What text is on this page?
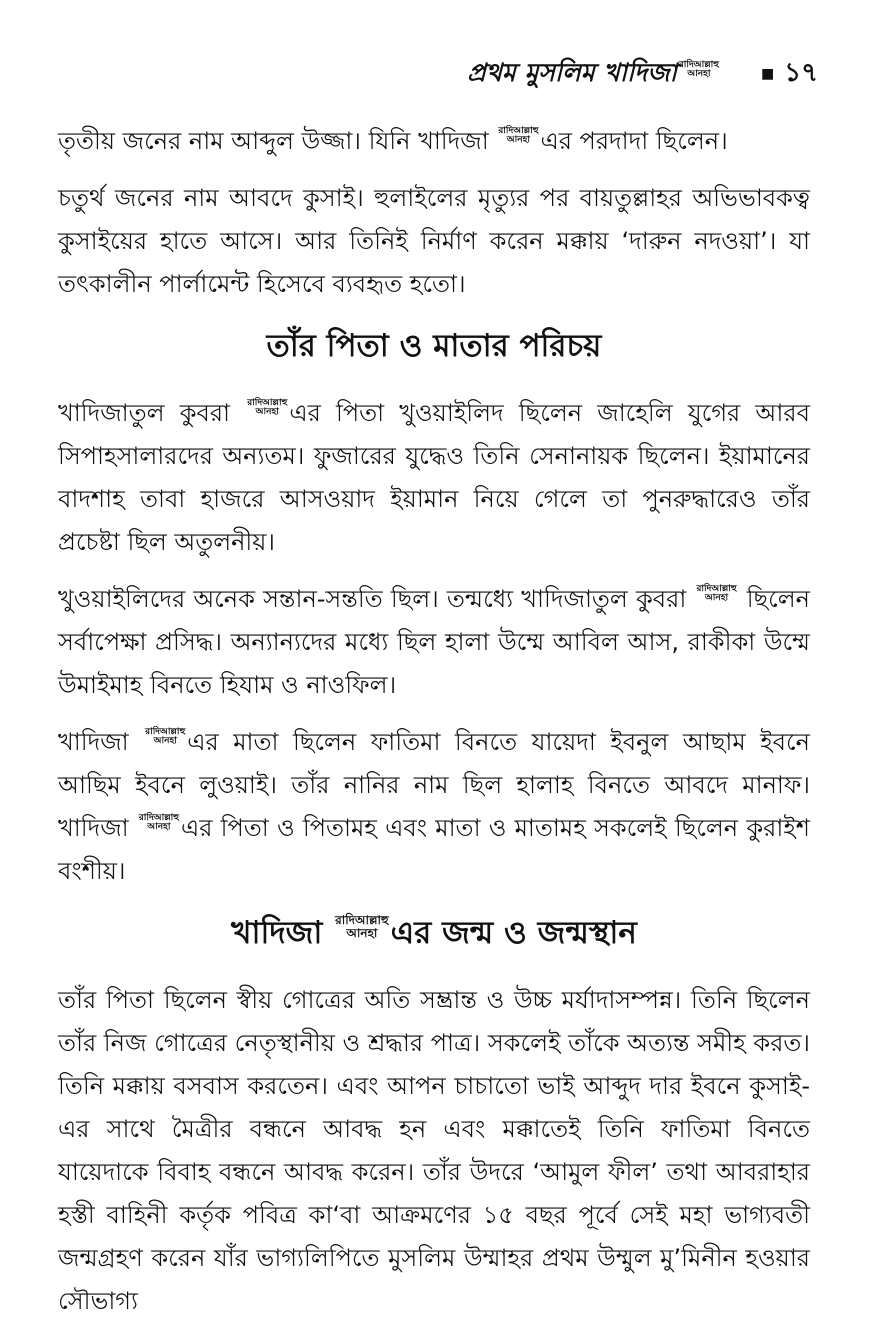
প্রথম মুসলিম খাদিজা রাদিআল্লাহু
আনহা	■ ১৭

তৃতীয় জনের নাম আব্দুল উজ্জা। যিনি খাদিজা রাদিআল্লাহু
আনহা এর পরদাদা ছিলেন।

চতুর্থ জনের নাম আবদে কুসাই। হুলাইলের মৃত্যুর পর বায়তুল্লাহর অভিভাবকত্ব কুসাইয়ের হাতে আসে। আর তিনিই নির্মাণ করেন মক্কায় ‘দারুন নদওয়া’। যা তৎকালীন পার্লামেন্ট হিসেবে ব্যবহৃত হতো।

তাঁর পিতা ও মাতার পরিচয়

খাদিজাতুল কুবরা রাদিআল্লাহু
আনহা এর পিতা খুওয়াইলিদ ছিলেন জাহেলি যুগের আরব সিপাহসালারদের অন্যতম। ফুজারের যুদ্ধেও তিনি সেনানায়ক ছিলেন। ইয়ামানের বাদশাহ তাবা হাজরে আসওয়াদ ইয়ামান নিয়ে গেলে তা পুনরুদ্ধারেও তাঁর প্রচেষ্টা ছিল অতুলনীয়।

খুওয়াইলিদের অনেক সন্তান-সন্ততি ছিল। তন্মধ্যে খাদিজাতুল কুবরা রাদিআল্লাহু
আনহা ছিলেন সর্বাপেক্ষা প্রসিদ্ধ। অন্যান্যদের মধ্যে ছিল হালা উম্মে আবিল আস, রাকীকা উম্মে উমাইমাহ বিনতে হিযাম ও নাওফিল।

খাদিজা রাদিআল্লাহু
আনহা এর মাতা ছিলেন ফাতিমা বিনতে যায়েদা ইবনুল আছাম ইবনে আছিম ইবনে লুওয়াই। তাঁর নানির নাম ছিল হালাহ বিনতে আবদে মানাফ। খাদিজা রাদিআল্লাহু
আনহা এর পিতা ও পিতামহ এবং মাতা ও মাতামহ সকলেই ছিলেন কুরাইশ বংশীয়।

খাদিজা রাদিআল্লাহু
আনহা এর জন্ম ও জন্মস্থান

তাঁর পিতা ছিলেন স্বীয় গোত্রের অতি সম্ভ্রান্ত ও উচ্চ মর্যাদাসম্পন্ন। তিনি ছিলেন তাঁর নিজ গোত্রের নেতৃস্থানীয় ও শ্রদ্ধার পাত্র। সকলেই তাঁকে অত্যন্ত সমীহ করত। তিনি মক্কায় বসবাস করতেন। এবং আপন চাচাতো ভাই আব্দুদ দার ইবনে কুসাই-এর সাথে মৈত্রীর বন্ধনে আবদ্ধ হন এবং মক্কাতেই তিনি ফাতিমা বিনতে যায়েদাকে বিবাহ বন্ধনে আবদ্ধ করেন। তাঁর উদরে ‘আমুল ফীল’ তথা আবরাহার হস্তী বাহিনী কর্তৃক পবিত্র কা‘বা আক্রমণের ১৫ বছর পূর্বে সেই মহা ভাগ্যবতী জন্মগ্রহণ করেন যাঁর ভাগ্যলিপিতে মুসলিম উম্মাহর প্রথম উম্মুল মু’মিনীন হওয়ার সৌভাগ্য
